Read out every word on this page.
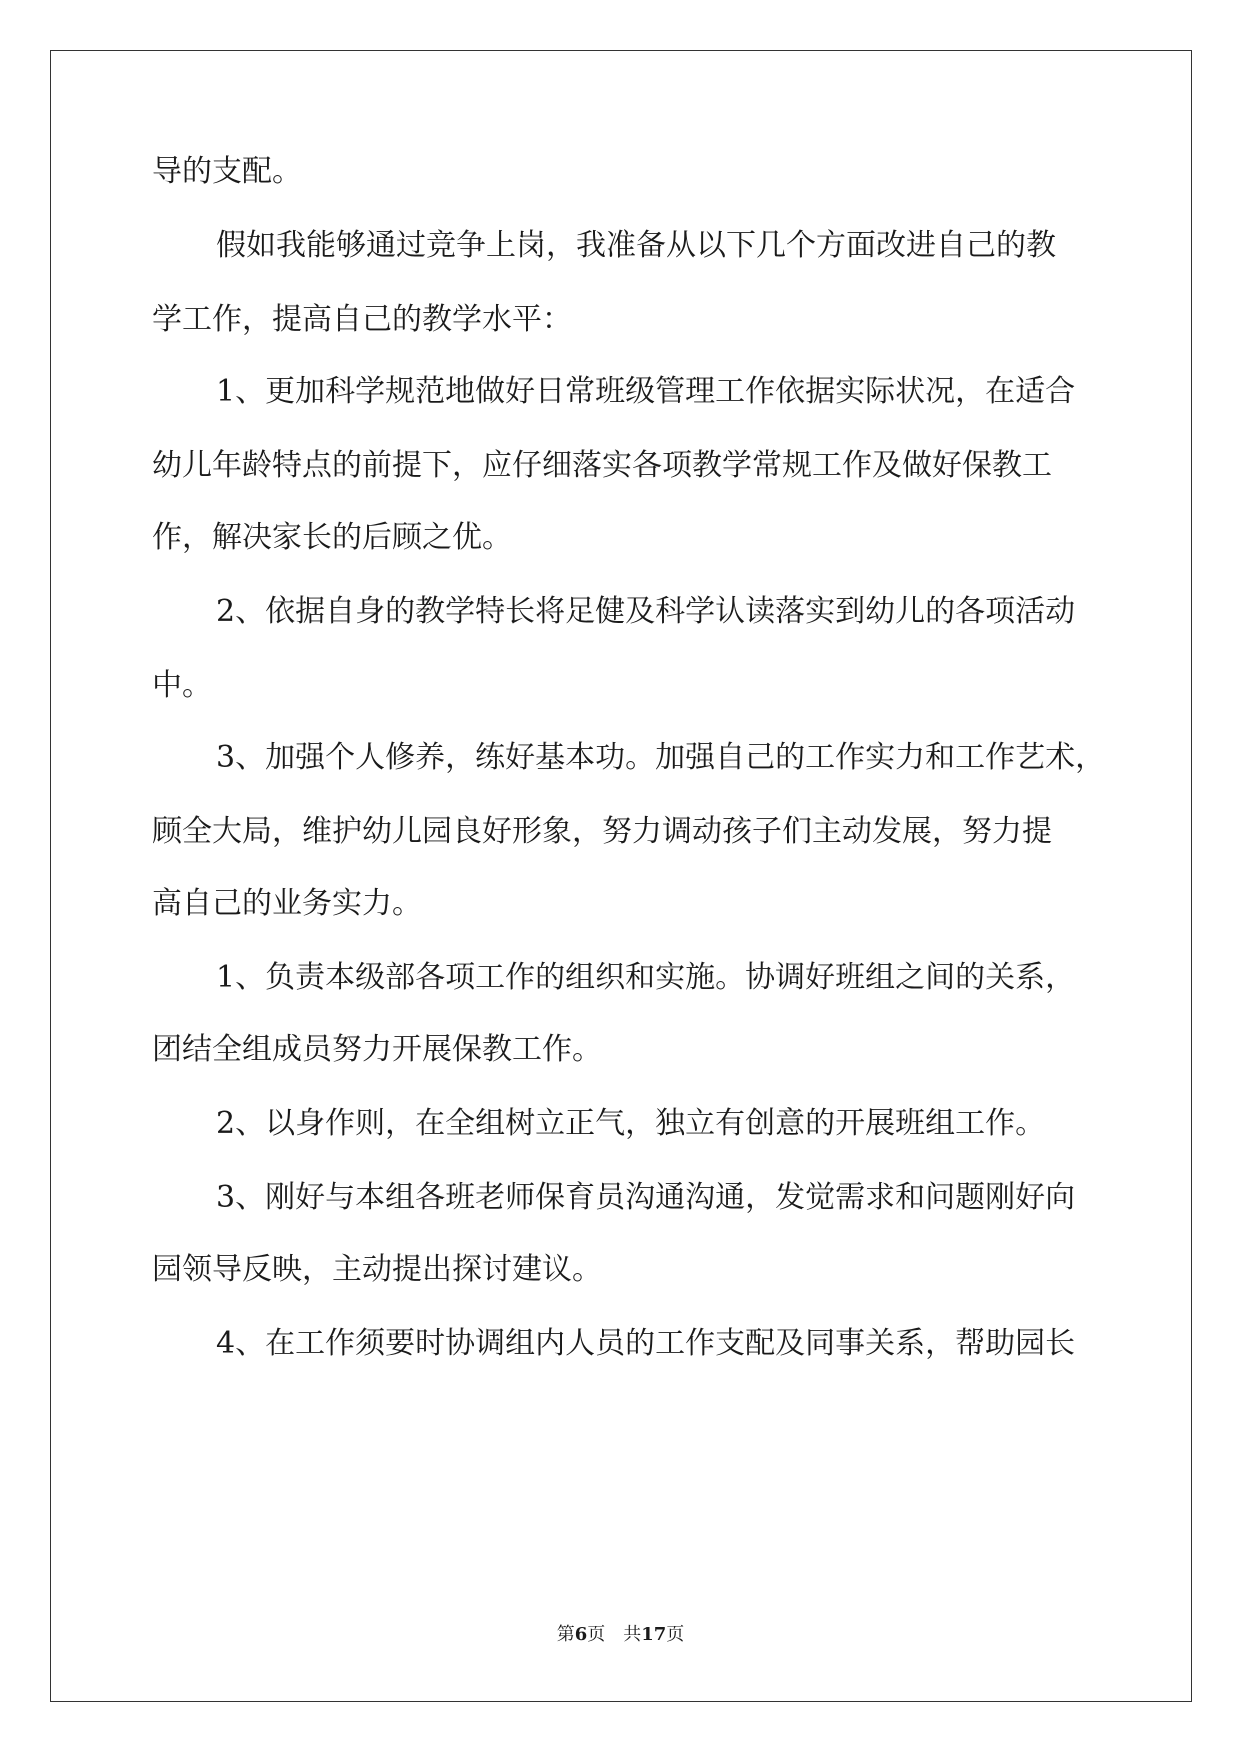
导的支配。
假如我能够通过竞争上岗，我准备从以下几个方面改进自己的教
学工作，提高自己的教学水平：
1、更加科学规范地做好日常班级管理工作依据实际状况，在适合
幼儿年龄特点的前提下，应仔细落实各项教学常规工作及做好保教工
作，解决家长的后顾之优。
2、依据自身的教学特长将足健及科学认读落实到幼儿的各项活动
中。
3、加强个人修养，练好基本功。加强自己的工作实力和工作艺术，
顾全大局，维护幼儿园良好形象，努力调动孩子们主动发展，努力提
高自己的业务实力。
1、负责本级部各项工作的组织和实施。协调好班组之间的关系，
团结全组成员努力开展保教工作。
2、以身作则，在全组树立正气，独立有创意的开展班组工作。
3、刚好与本组各班老师保育员沟通沟通，发觉需求和问题刚好向
园领导反映，主动提出探讨建议。
4、在工作须要时协调组内人员的工作支配及同事关系，帮助园长
第6页　共17页
